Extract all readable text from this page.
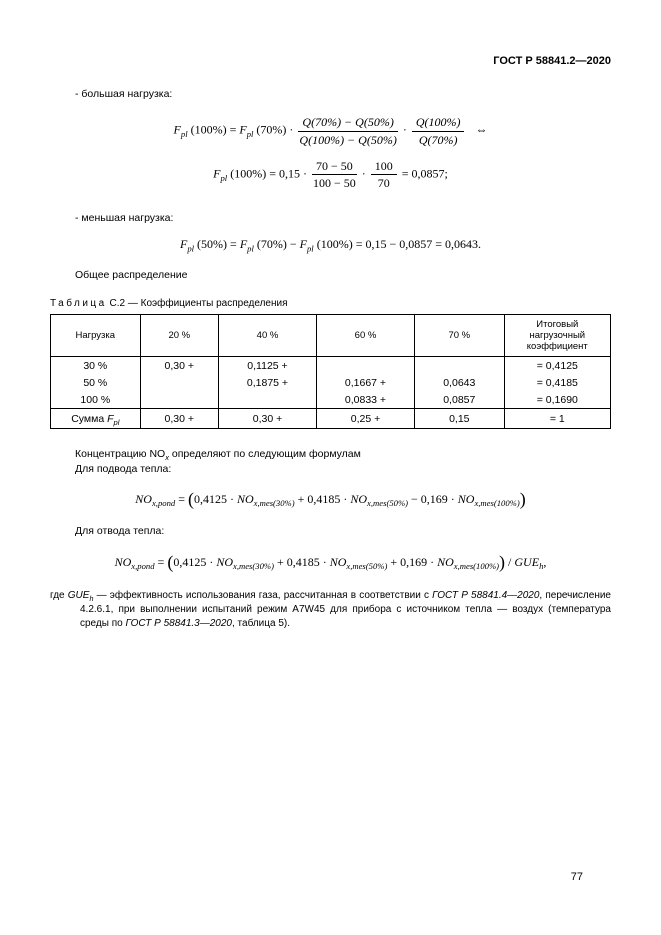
ГОСТ Р 58841.2—2020

- большая нагрузка:

$F_{pl}$ $(100\%) = F_{pl}$ $(70\%) \cdot \frac{Q(70\%) - Q(50\%)}{Q(100\%) - Q(50\%)} \cdot \frac{Q(100\%)}{Q(70\%)}$ ⇔
$F_{pl}$ $(100\%) = 0,15 \cdot \frac{70 - 50}{100 - 50} \cdot \frac{100}{70} = 0,0857$;

- меньшая нагрузка:

$F_{pl}$ $(50\%) = F_{pl}$ $(70\%) - F_{pl}$ (100%) = 0,15 − 0,0857 = 0,0643.

Общее распределение

Таблица С.2 — Коэффициенты распределения

Нагрузка	20 %	40 %	60 %	70 %	Итоговый нагрузочный коэффициент
30 %	0,30 +	0,1125 +			= 0,4125
50 %		0,1875 +	0,1667 +	0,0643	= 0,4185
100 %			0,0833 +	0,0857	= 0,1690
Сумма $F_{pl}$	0,30 +	0,30 +	0,25 +	0,15	= 1

Концентрацию $NO_x$ определяют по следующим формулам

Для подвода тепла:

$NO_{x,pond} = (0,4125 \cdot NO_{x,mes(30\%)} + 0,4185 \cdot NO_{x,mes(50\%)} - 0,169 \cdot NO_{x,mes(100\%)})$

Для отвода тепла:

$NO_{x,pond} = (0,4125 \cdot NO_{x,mes(30\%)} + 0,4185 \cdot NO_{x,mes(50\%)} + 0,169 \cdot NO_{x,mes(100\%)}) / GUE_h$,

где $GUE_h$ — эффективность использования газа, рассчитанная в соответствии с ГОСТ Р 58841.4—2020, перечисление 4.2.6.1, при выполнении испытаний режим A7W45 для прибора с источником тепла — воздух (температура среды по ГОСТ Р 58841.3—2020, таблица 5).

77
